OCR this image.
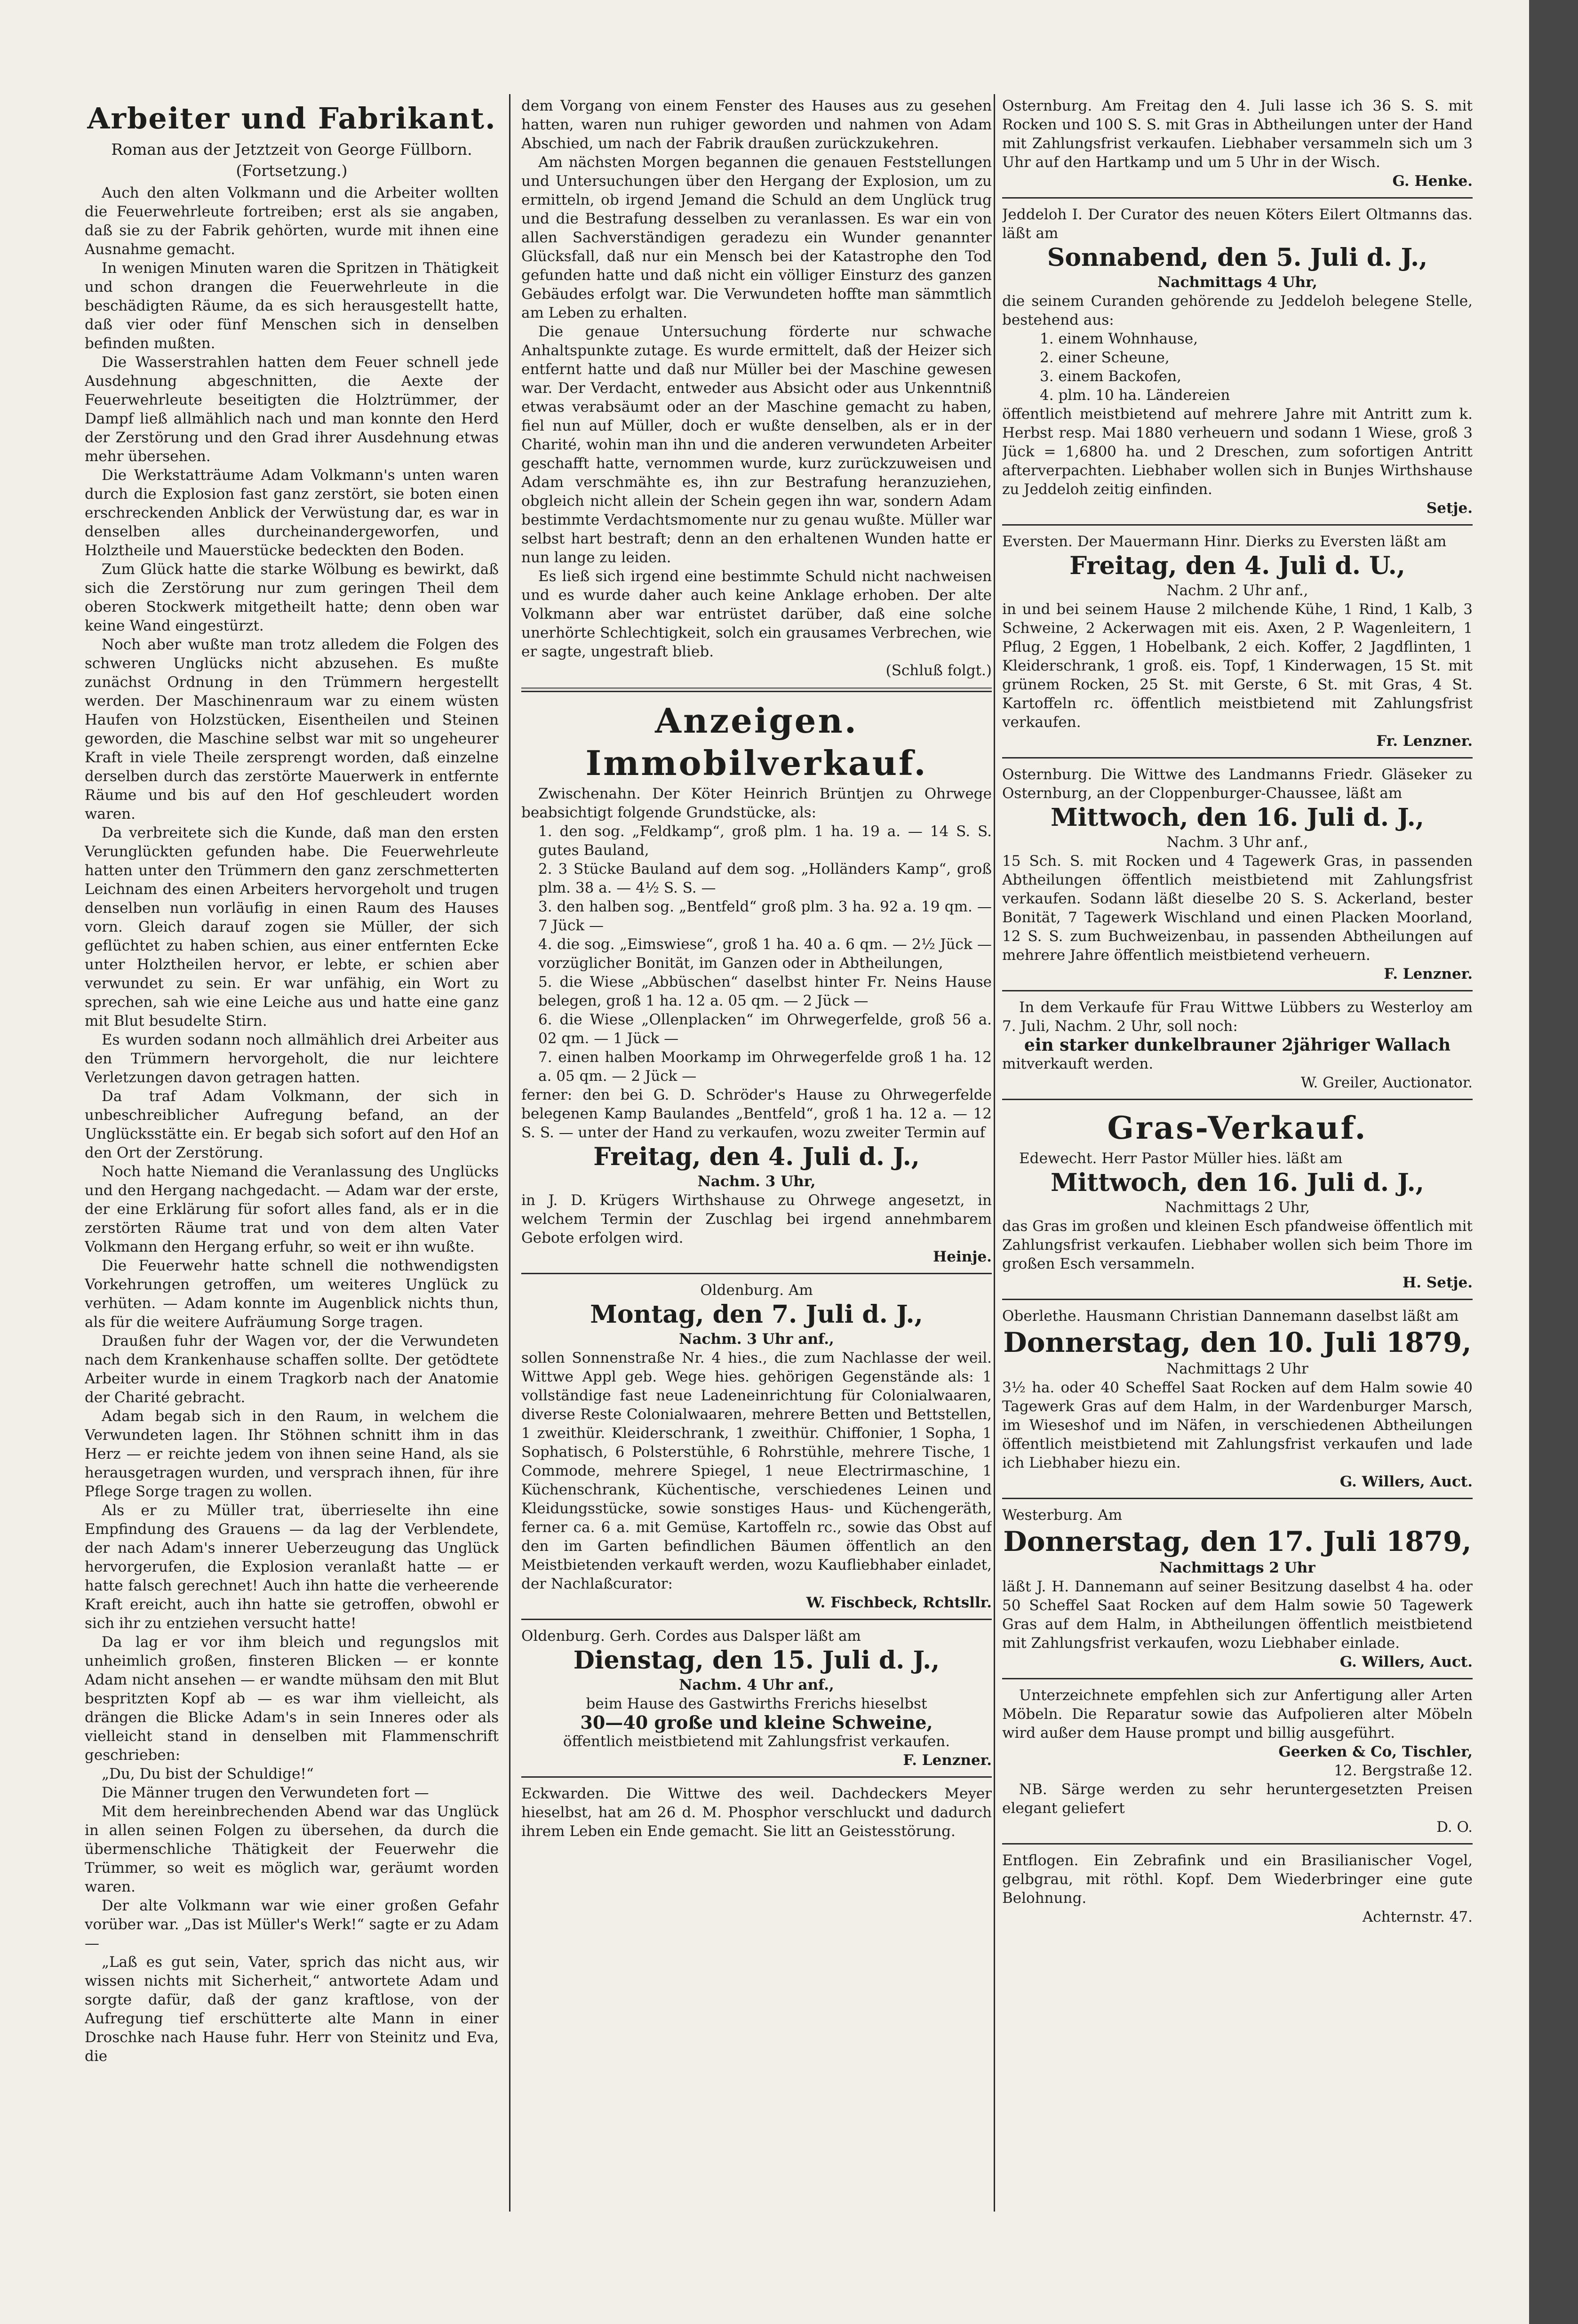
Arbeiter und Fabrikant.
Roman aus der Jetztzeit von George Füllborn.
(Fortsetzung.)

Auch den alten Volkmann und die Arbeiter wollten die Feuerwehrleute fortreiben; erst als sie angaben, daß sie zu der Fabrik gehörten, wurde mit ihnen eine Ausnahme gemacht.

In wenigen Minuten waren die Spritzen in Thätigkeit und schon drangen die Feuerwehrleute in die beschädigten Räume, da es sich herausgestellt hatte, daß vier oder fünf Menschen sich in denselben befinden mußten.

Die Wasserstrahlen hatten dem Feuer schnell jede Ausdehnung abgeschnitten, die Aexte der Feuerwehrleute beseitigten die Holztrümmer, der Dampf ließ allmählich nach und man konnte den Herd der Zerstörung und den Grad ihrer Ausdehnung etwas mehr übersehen.

Die Werkstatträume Adam Volkmann's unten waren durch die Explosion fast ganz zerstört, sie boten einen erschreckenden Anblick der Verwüstung dar, es war in denselben alles durcheinandergeworfen, und Holztheile und Mauerstücke bedeckten den Boden.

Zum Glück hatte die starke Wölbung es bewirkt, daß sich die Zerstörung nur zum geringen Theil dem oberen Stockwerk mitgetheilt hatte; denn oben war keine Wand eingestürzt.

Noch aber wußte man trotz alledem die Folgen des schweren Unglücks nicht abzusehen. Es mußte zunächst Ordnung in den Trümmern hergestellt werden. Der Maschinenraum war zu einem wüsten Haufen von Holzstücken, Eisentheilen und Steinen geworden, die Maschine selbst war mit so ungeheurer Kraft in viele Theile zersprengt worden, daß einzelne derselben durch das zerstörte Mauerwerk in entfernte Räume und bis auf den Hof geschleudert worden waren.

Da verbreitete sich die Kunde, daß man den ersten Verunglückten gefunden habe. Die Feuerwehrleute hatten unter den Trümmern den ganz zerschmetterten Leichnam des einen Arbeiters hervorgeholt und trugen denselben nun vorläufig in einen Raum des Hauses vorn. Gleich darauf zogen sie Müller, der sich geflüchtet zu haben schien, aus einer entfernten Ecke unter Holztheilen hervor, er lebte, er schien aber verwundet zu sein. Er war unfähig, ein Wort zu sprechen, sah wie eine Leiche aus und hatte eine ganz mit Blut besudelte Stirn.

Es wurden sodann noch allmählich drei Arbeiter aus den Trümmern hervorgeholt, die nur leichtere Verletzungen davon getragen hatten.

Da traf Adam Volkmann, der sich in unbeschreiblicher Aufregung befand, an der Unglücksstätte ein. Er begab sich sofort auf den Hof an den Ort der Zerstörung.

Noch hatte Niemand die Veranlassung des Unglücks und den Hergang nachgedacht. — Adam war der erste, der eine Erklärung für sofort alles fand, als er in die zerstörten Räume trat und von dem alten Vater Volkmann den Hergang erfuhr, so weit er ihn wußte.

Die Feuerwehr hatte schnell die nothwendigsten Vorkehrungen getroffen, um weiteres Unglück zu verhüten. — Adam konnte im Augenblick nichts thun, als für die weitere Aufräumung Sorge tragen.

Draußen fuhr der Wagen vor, der die Verwundeten nach dem Krankenhause schaffen sollte. Der getödtete Arbeiter wurde in einem Tragkorb nach der Anatomie der Charité gebracht.

Adam begab sich in den Raum, in welchem die Verwundeten lagen. Ihr Stöhnen schnitt ihm in das Herz — er reichte jedem von ihnen seine Hand, als sie herausgetragen wurden, und versprach ihnen, für ihre Pflege Sorge tragen zu wollen.

Als er zu Müller trat, überrieselte ihn eine Empfindung des Grauens — da lag der Verblendete, der nach Adam's innerer Ueberzeugung das Unglück hervorgerufen, die Explosion veranlaßt hatte — er hatte falsch gerechnet! Auch ihn hatte die verheerende Kraft ereicht, auch ihn hatte sie getroffen, obwohl er sich ihr zu entziehen versucht hatte!

Da lag er vor ihm bleich und regungslos mit unheimlich großen, finsteren Blicken — er konnte Adam nicht ansehen — er wandte mühsam den mit Blut bespritzten Kopf ab — es war ihm vielleicht, als drängen die Blicke Adam's in sein Inneres oder als vielleicht stand in denselben mit Flammenschrift geschrieben:

„Du, Du bist der Schuldige!“

Die Männer trugen den Verwundeten fort —

Mit dem hereinbrechenden Abend war das Unglück in allen seinen Folgen zu übersehen, da durch die übermenschliche Thätigkeit der Feuerwehr die Trümmer, so weit es möglich war, geräumt worden waren.

Der alte Volkmann war wie einer großen Gefahr vorüber war. „Das ist Müller's Werk!“ sagte er zu Adam —

„Laß es gut sein, Vater, sprich das nicht aus, wir wissen nichts mit Sicherheit,“ antwortete Adam und sorgte dafür, daß der ganz kraftlose, von der Aufregung tief erschütterte alte Mann in einer Droschke nach Hause fuhr. Herr von Steinitz und Eva, die

dem Vorgang von einem Fenster des Hauses aus zu gesehen hatten, waren nun ruhiger geworden und nahmen von Adam Abschied, um nach der Fabrik draußen zurückzukehren.

Am nächsten Morgen begannen die genauen Feststellungen und Untersuchungen über den Hergang der Explosion, um zu ermitteln, ob irgend Jemand die Schuld an dem Unglück trug und die Bestrafung desselben zu veranlassen. Es war ein von allen Sachverständigen geradezu ein Wunder genannter Glücksfall, daß nur ein Mensch bei der Katastrophe den Tod gefunden hatte und daß nicht ein völliger Einsturz des ganzen Gebäudes erfolgt war. Die Verwundeten hoffte man sämmtlich am Leben zu erhalten.

Die genaue Untersuchung förderte nur schwache Anhaltspunkte zutage. Es wurde ermittelt, daß der Heizer sich entfernt hatte und daß nur Müller bei der Maschine gewesen war. Der Verdacht, entweder aus Absicht oder aus Unkenntniß etwas verabsäumt oder an der Maschine gemacht zu haben, fiel nun auf Müller, doch er wußte denselben, als er in der Charité, wohin man ihn und die anderen verwundeten Arbeiter geschafft hatte, vernommen wurde, kurz zurückzuweisen und Adam verschmähte es, ihn zur Bestrafung heranzuziehen, obgleich nicht allein der Schein gegen ihn war, sondern Adam bestimmte Verdachtsmomente nur zu genau wußte. Müller war selbst hart bestraft; denn an den erhaltenen Wunden hatte er nun lange zu leiden.

Es ließ sich irgend eine bestimmte Schuld nicht nachweisen und es wurde daher auch keine Anklage erhoben. Der alte Volkmann aber war entrüstet darüber, daß eine solche unerhörte Schlechtigkeit, solch ein grausames Verbrechen, wie er sagte, ungestraft blieb.

(Schluß folgt.)
Anzeigen.
Immobilverkauf.

Zwischenahn. Der Köter Heinrich Brüntjen zu Ohrwege beabsichtigt folgende Grundstücke, als:

1. den sog. „Feldkamp“, groß plm. 1 ha. 19 a. — 14 S. S. gutes Bauland,

2. 3 Stücke Bauland auf dem sog. „Holländers Kamp“, groß plm. 38 a. — 4½ S. S. —

3. den halben sog. „Bentfeld“ groß plm. 3 ha. 92 a. 19 qm. — 7 Jück —

4. die sog. „Eimswiese“, groß 1 ha. 40 a. 6 qm. — 2½ Jück — vorzüglicher Bonität, im Ganzen oder in Abtheilungen,

5. die Wiese „Abbüschen“ daselbst hinter Fr. Neins Hause belegen, groß 1 ha. 12 a. 05 qm. — 2 Jück —

6. die Wiese „Ollenplacken“ im Ohrwegerfelde, groß 56 a. 02 qm. — 1 Jück —

7. einen halben Moorkamp im Ohrwegerfelde groß 1 ha. 12 a. 05 qm. — 2 Jück —

ferner: den bei G. D. Schröder's Hause zu Ohrwegerfelde belegenen Kamp Baulandes „Bentfeld“, groß 1 ha. 12 a. — 12 S. S. — unter der Hand zu verkaufen, wozu zweiter Termin auf

Freitag, den 4. Juli d. J.,
Nachm. 3 Uhr,

in J. D. Krügers Wirthshause zu Ohrwege angesetzt, in welchem Termin der Zuschlag bei irgend annehmbarem Gebote erfolgen wird.

Heinje.
Oldenburg. Am
Montag, den 7. Juli d. J.,
Nachm. 3 Uhr anf.,

sollen Sonnenstraße Nr. 4 hies., die zum Nachlasse der weil. Wittwe Appl geb. Wege hies. gehörigen Gegenstände als: 1 vollständige fast neue Ladeneinrichtung für Colonialwaaren, diverse Reste Colonialwaaren, mehrere Betten und Bettstellen, 1 zweithür. Kleiderschrank, 1 zweithür. Chiffonier, 1 Sopha, 1 Sophatisch, 6 Polsterstühle, 6 Rohrstühle, mehrere Tische, 1 Commode, mehrere Spiegel, 1 neue Electrirmaschine, 1 Küchenschrank, Küchentische, verschiedenes Leinen und Kleidungsstücke, sowie sonstiges Haus- und Küchengeräth, ferner ca. 6 a. mit Gemüse, Kartoffeln rc., sowie das Obst auf den im Garten befindlichen Bäumen öffentlich an den Meistbietenden verkauft werden, wozu Kaufliebhaber einladet, der Nachlaßcurator:

W. Fischbeck, Rchtsllr.

Oldenburg. Gerh. Cordes aus Dalsper läßt am

Dienstag, den 15. Juli d. J.,
Nachm. 4 Uhr anf.,
beim Hause des Gastwirths Frerichs hieselbst
30—40 große und kleine Schweine,
öffentlich meistbietend mit Zahlungsfrist verkaufen.
F. Lenzner.

Eckwarden. Die Wittwe des weil. Dachdeckers Meyer hieselbst, hat am 26 d. M. Phosphor verschluckt und dadurch ihrem Leben ein Ende gemacht. Sie litt an Geistesstörung.

Osternburg. Am Freitag den 4. Juli lasse ich 36 S. S. mit Rocken und 100 S. S. mit Gras in Abtheilungen unter der Hand mit Zahlungsfrist verkaufen. Liebhaber versammeln sich um 3 Uhr auf den Hartkamp und um 5 Uhr in der Wisch.

G. Henke.

Jeddeloh I. Der Curator des neuen Köters Eilert Oltmanns das. läßt am

Sonnabend, den 5. Juli d. J.,
Nachmittags 4 Uhr,

die seinem Curanden gehörende zu Jeddeloh belegene Stelle, bestehend aus:

1. einem Wohnhause,

2. einer Scheune,

3. einem Backofen,

4. plm. 10 ha. Ländereien

öffentlich meistbietend auf mehrere Jahre mit Antritt zum k. Herbst resp. Mai 1880 verheuern und sodann 1 Wiese, groß 3 Jück = 1,6800 ha. und 2 Dreschen, zum sofortigen Antritt afterverpachten. Liebhaber wollen sich in Bunjes Wirthshause zu Jeddeloh zeitig einfinden.

Setje.

Eversten. Der Mauermann Hinr. Dierks zu Eversten läßt am

Freitag, den 4. Juli d. U.,
Nachm. 2 Uhr anf.,

in und bei seinem Hause 2 milchende Kühe, 1 Rind, 1 Kalb, 3 Schweine, 2 Ackerwagen mit eis. Axen, 2 P. Wagenleitern, 1 Pflug, 2 Eggen, 1 Hobelbank, 2 eich. Koffer, 2 Jagdflinten, 1 Kleiderschrank, 1 groß. eis. Topf, 1 Kinderwagen, 15 St. mit grünem Rocken, 25 St. mit Gerste, 6 St. mit Gras, 4 St. Kartoffeln rc. öffentlich meistbietend mit Zahlungsfrist verkaufen.

Fr. Lenzner.

Osternburg. Die Wittwe des Landmanns Friedr. Gläseker zu Osternburg, an der Cloppenburger-Chaussee, läßt am

Mittwoch, den 16. Juli d. J.,
Nachm. 3 Uhr anf.,

15 Sch. S. mit Rocken und 4 Tagewerk Gras, in passenden Abtheilungen öffentlich meistbietend mit Zahlungsfrist verkaufen. Sodann läßt dieselbe 20 S. S. Ackerland, bester Bonität, 7 Tagewerk Wischland und einen Placken Moorland, 12 S. S. zum Buchweizenbau, in passenden Abtheilungen auf mehrere Jahre öffentlich meistbietend verheuern.

F. Lenzner.

In dem Verkaufe für Frau Wittwe Lübbers zu Westerloy am 7. Juli, Nachm. 2 Uhr, soll noch:

ein starker dunkelbrauner 2jähriger Wallach

mitverkauft werden.

W. Greiler, Auctionator.
Gras-Verkauf.

Edewecht. Herr Pastor Müller hies. läßt am

Mittwoch, den 16. Juli d. J.,
Nachmittags 2 Uhr,

das Gras im großen und kleinen Esch pfandweise öffentlich mit Zahlungsfrist verkaufen. Liebhaber wollen sich beim Thore im großen Esch versammeln.

H. Setje.

Oberlethe. Hausmann Christian Dannemann daselbst läßt am

Donnerstag, den 10. Juli 1879,
Nachmittags 2 Uhr

3½ ha. oder 40 Scheffel Saat Rocken auf dem Halm sowie 40 Tagewerk Gras auf dem Halm, in der Wardenburger Marsch, im Wieseshof und im Näfen, in verschiedenen Abtheilungen öffentlich meistbietend mit Zahlungsfrist verkaufen und lade ich Liebhaber hiezu ein.

G. Willers, Auct.

Westerburg. Am

Donnerstag, den 17. Juli 1879,
Nachmittags 2 Uhr

läßt J. H. Dannemann auf seiner Besitzung daselbst 4 ha. oder 50 Scheffel Saat Rocken auf dem Halm sowie 50 Tagewerk Gras auf dem Halm, in Abtheilungen öffentlich meistbietend mit Zahlungsfrist verkaufen, wozu Liebhaber einlade.

G. Willers, Auct.

Unterzeichnete empfehlen sich zur Anfertigung aller Arten Möbeln. Die Reparatur sowie das Aufpolieren alter Möbeln wird außer dem Hause prompt und billig ausgeführt.

Geerken & Co, Tischler,
12. Bergstraße 12.

NB. Särge werden zu sehr heruntergesetzten Preisen elegant geliefert

D. O.

Entflogen. Ein Zebrafink und ein Brasilianischer Vogel, gelbgrau, mit röthl. Kopf. Dem Wiederbringer eine gute Belohnung.

Achternstr. 47.
